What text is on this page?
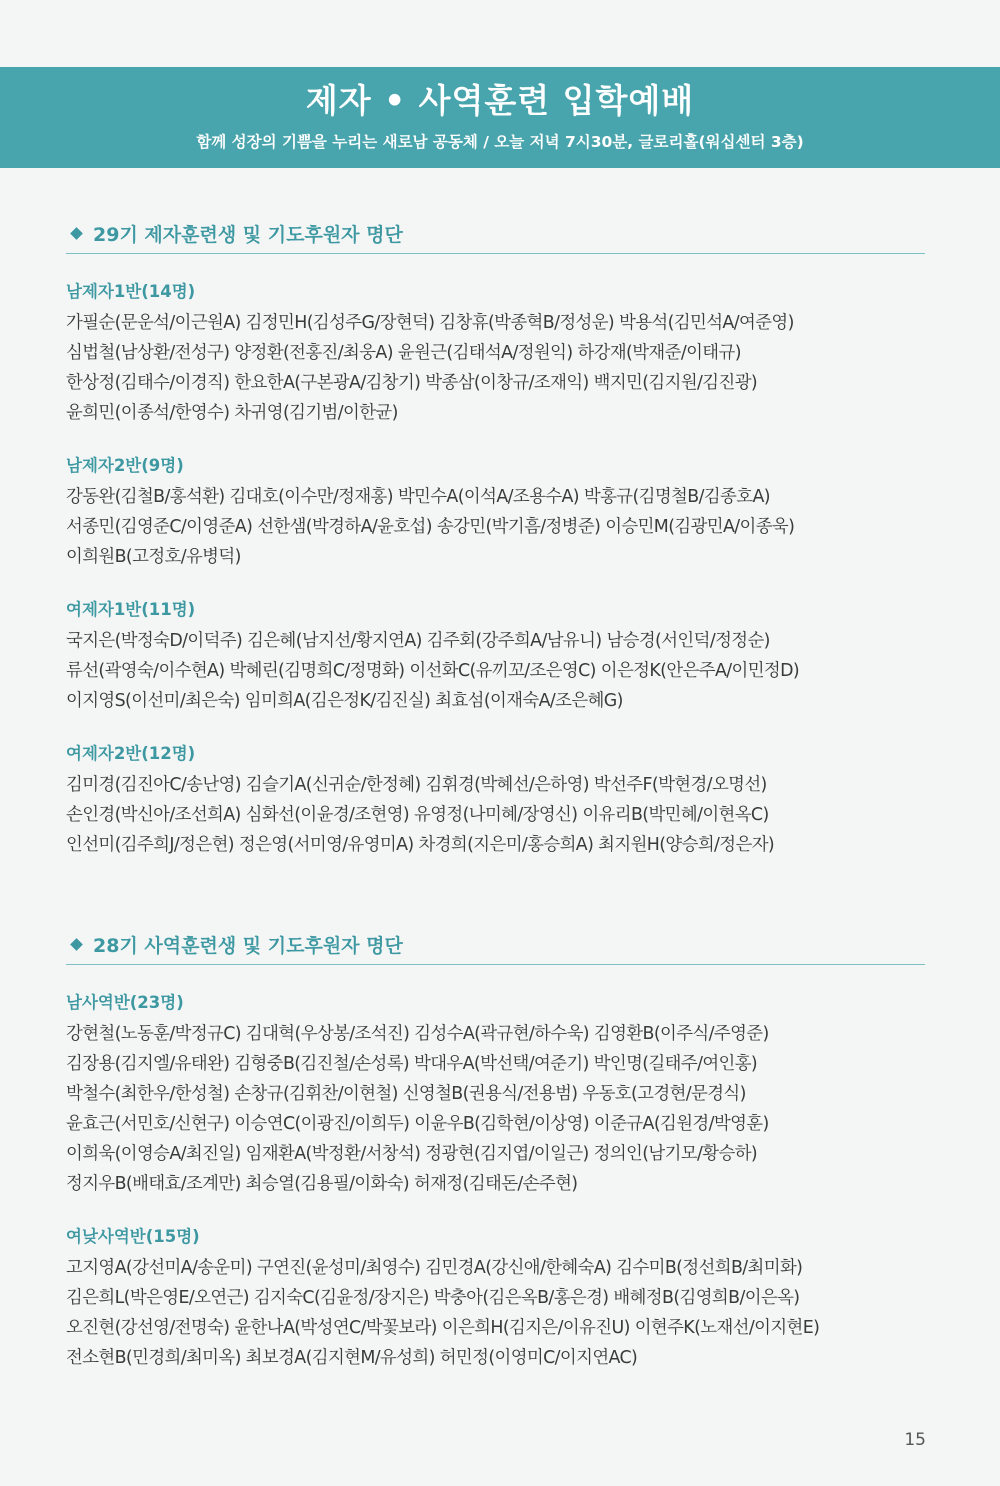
제자 • 사역훈련 입학예배
함께 성장의 기쁨을 누리는 새로남 공동체 / 오늘 저녁 7시30분, 글로리홀(워십센터 3층)
29기 제자훈련생 및 기도후원자 명단
남제자1반(14명)
가필순(문운석/이근원A) 김정민H(김성주G/장현덕) 김창휴(박종혁B/정성운) 박용석(김민석A/여준영)
심법철(남상환/전성구) 양정환(전홍진/최웅A) 윤원근(김태석A/정원익) 하강재(박재준/이태규)
한상정(김태수/이경직) 한요한A(구본광A/김창기) 박종삼(이창규/조재익) 백지민(김지원/김진광)
윤희민(이종석/한영수) 차귀영(김기범/이한균)
남제자2반(9명)
강동완(김철B/홍석환) 김대호(이수만/정재홍) 박민수A(이석A/조용수A) 박홍규(김명철B/김종호A)
서종민(김영준C/이영준A) 선한샘(박경하A/윤호섭) 송강민(박기흠/정병준) 이승민M(김광민A/이종욱)
이희원B(고정호/유병덕)
여제자1반(11명)
국지은(박정숙D/이덕주) 김은혜(남지선/황지연A) 김주회(강주희A/남유니) 남승경(서인덕/정정순)
류선(곽영숙/이수현A) 박혜린(김명희C/정명화) 이선화C(유끼꼬/조은영C) 이은정K(안은주A/이민정D)
이지영S(이선미/최은숙) 임미희A(김은정K/김진실) 최효섬(이재숙A/조은혜G)
여제자2반(12명)
김미경(김진아C/송난영) 김슬기A(신귀순/한정혜) 김휘경(박혜선/은하영) 박선주F(박현경/오명선)
손인경(박신아/조선희A) 심화선(이윤경/조현영) 유영정(나미혜/장영신) 이유리B(박민혜/이현옥C)
인선미(김주희J/정은현) 정은영(서미영/유영미A) 차경희(지은미/홍승희A) 최지원H(양승희/정은자)
28기 사역훈련생 및 기도후원자 명단
남사역반(23명)
강현철(노동훈/박정규C) 김대혁(우상봉/조석진) 김성수A(곽규현/하수욱) 김영환B(이주식/주영준)
김장용(김지엘/유태완) 김형중B(김진철/손성록) 박대우A(박선택/여준기) 박인명(길태주/여인홍)
박철수(최한우/한성철) 손창규(김휘찬/이현철) 신영철B(권용식/전용범) 우동호(고경현/문경식)
윤효근(서민호/신현구) 이승연C(이광진/이희두) 이윤우B(김학현/이상영) 이준규A(김원경/박영훈)
이희욱(이영승A/최진일) 임재환A(박정환/서창석) 정광현(김지엽/이일근) 정의인(남기모/황승하)
정지우B(배태효/조계만) 최승열(김용필/이화숙) 허재정(김태돈/손주현)
여낮사역반(15명)
고지영A(강선미A/송운미) 구연진(윤성미/최영수) 김민경A(강신애/한혜숙A) 김수미B(정선희B/최미화)
김은희L(박은영E/오연근) 김지숙C(김윤정/장지은) 박충아(김은옥B/홍은경) 배혜정B(김영희B/이은옥)
오진현(강선영/전명숙) 윤한나A(박성연C/박꽃보라) 이은희H(김지은/이유진U) 이현주K(노재선/이지현E)
전소현B(민경희/최미옥) 최보경A(김지현M/유성희) 허민정(이영미C/이지연AC)
15
